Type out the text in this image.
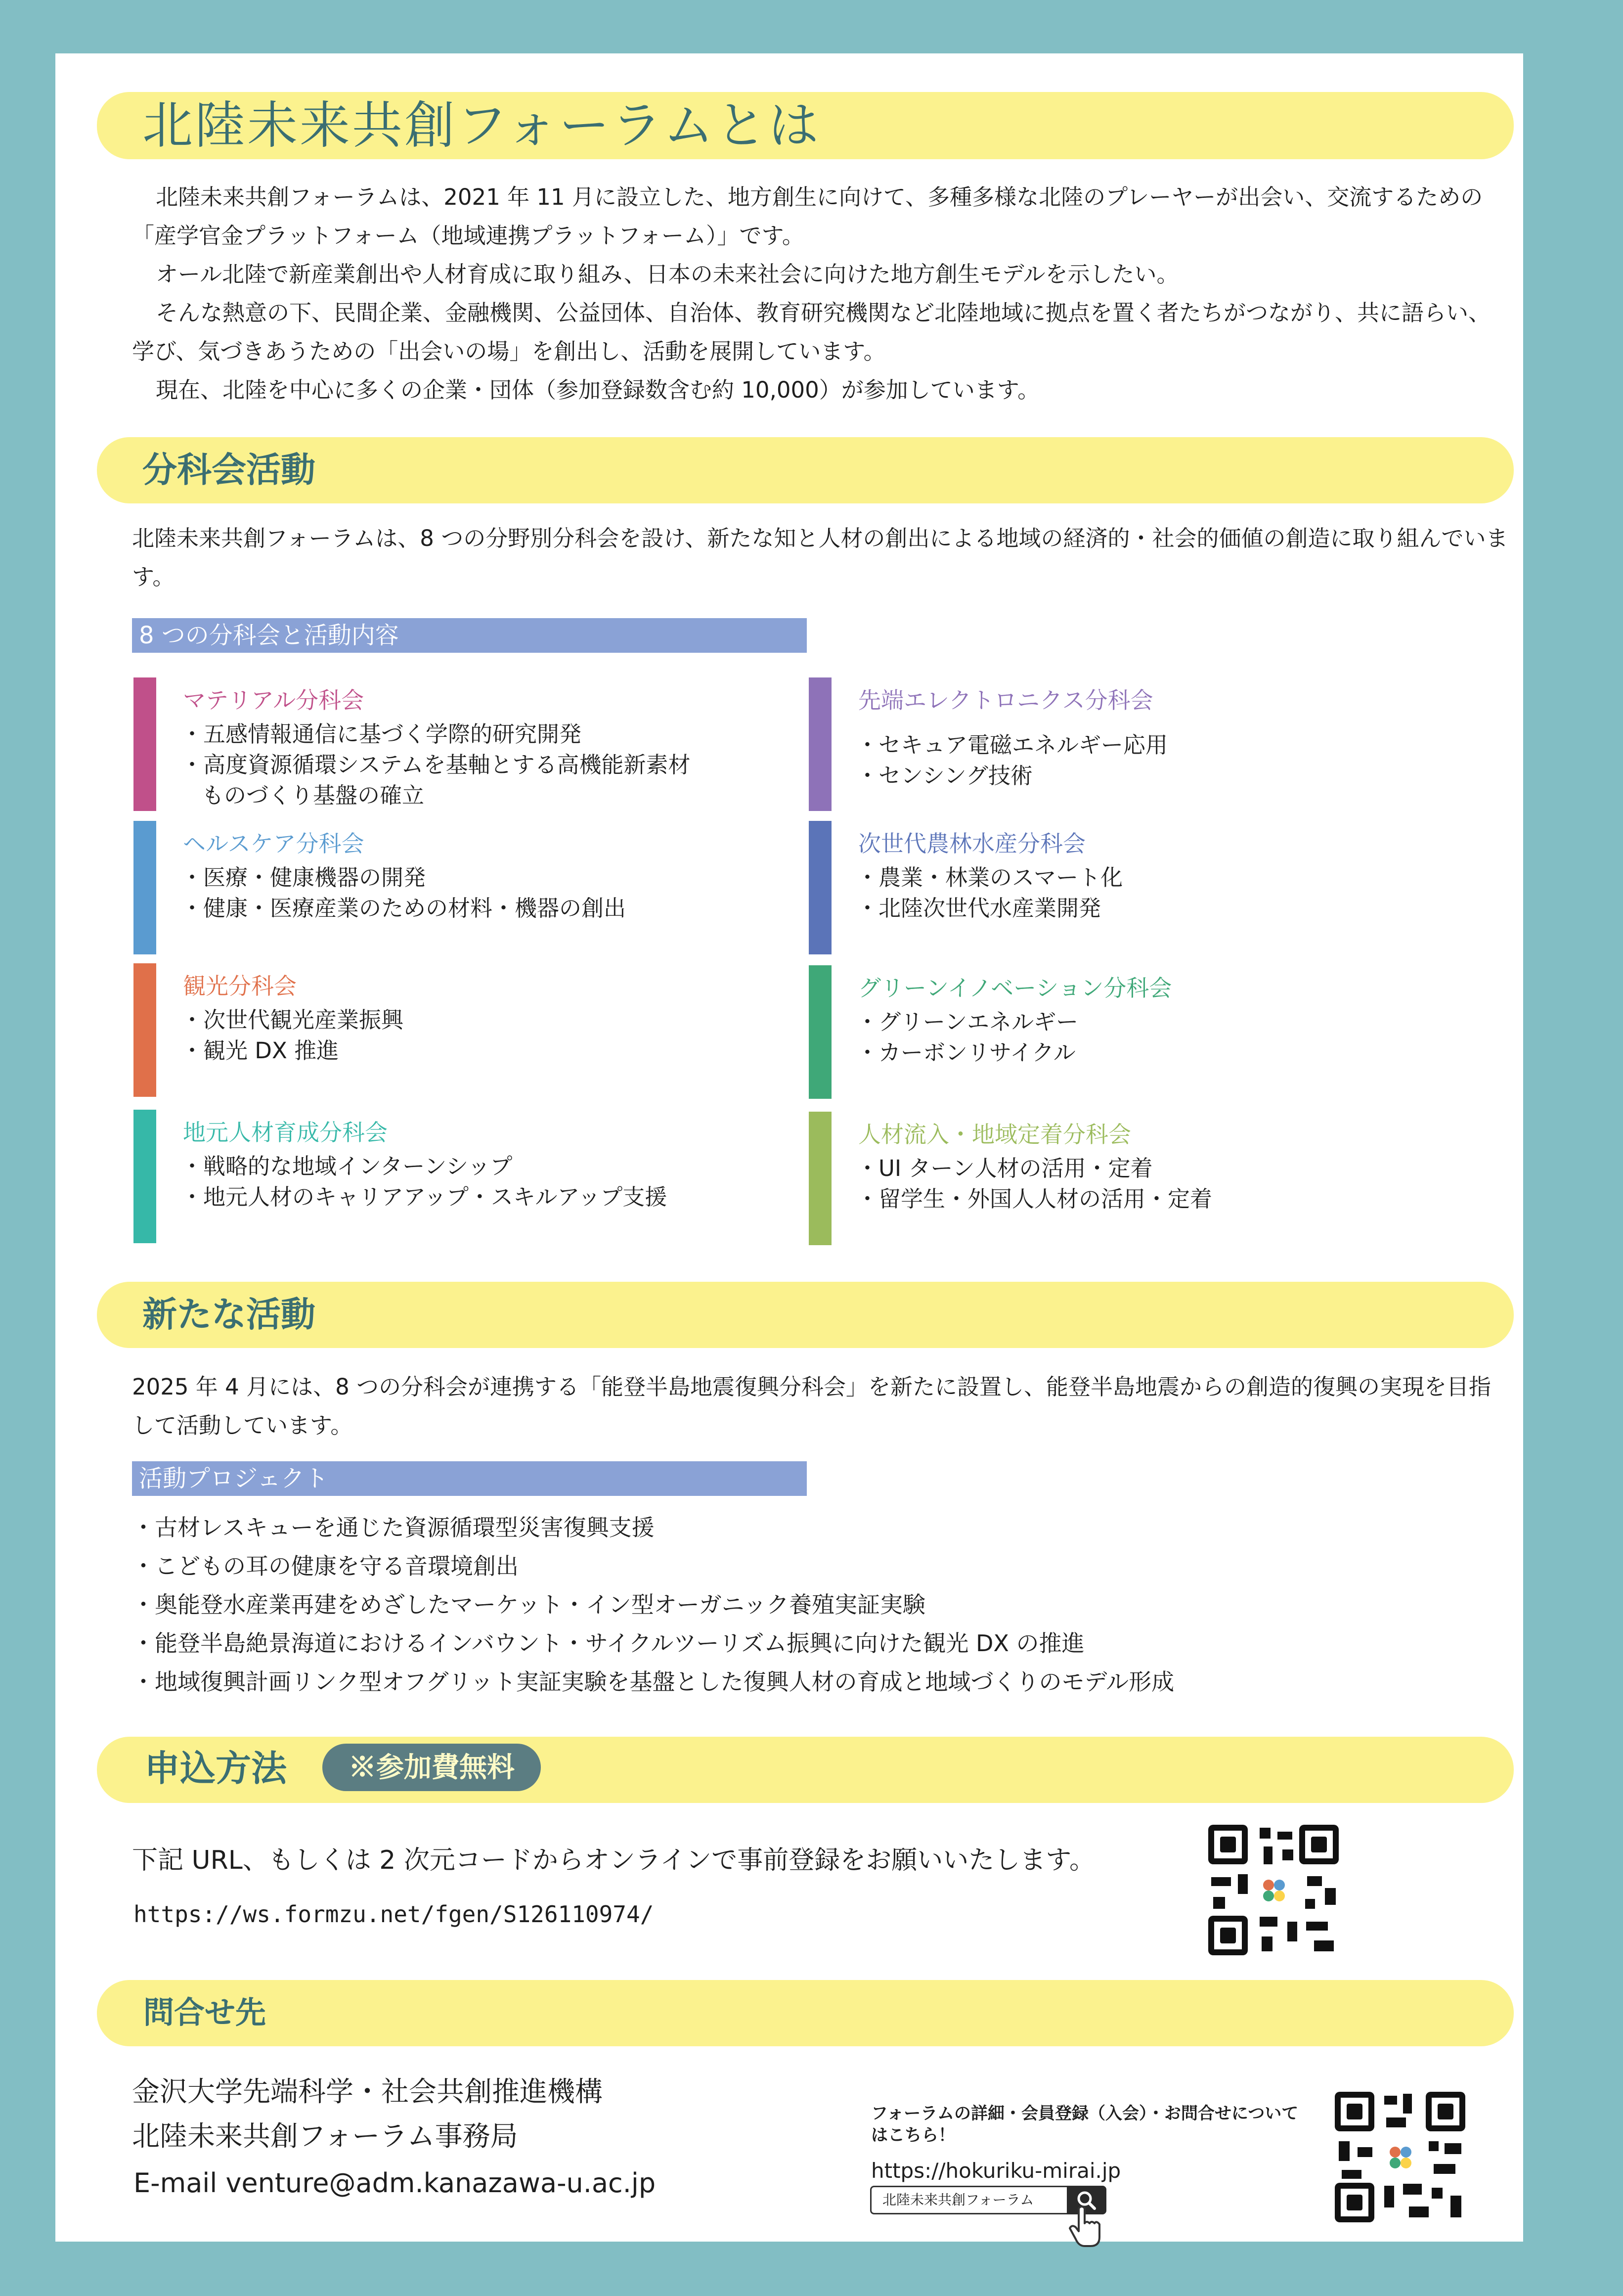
北陸未来共創フォーラムとは

北陸未来共創フォーラムは、2021 年 11 月に設立した、地方創生に向けて、多種多様な北陸のプレーヤーが出会い、交流するための「産学官金プラットフォーム（地域連携プラットフォーム）」です。

オール北陸で新産業創出や人材育成に取り組み、日本の未来社会に向けた地方創生モデルを示したい。

そんな熱意の下、民間企業、金融機関、公益団体、自治体、教育研究機関など北陸地域に拠点を置く者たちがつながり、共に語らい、学び、気づきあうための「出会いの場」を創出し、活動を展開しています。

現在、北陸を中心に多くの企業・団体（参加登録数含む約 10,000）が参加しています。

分科会活動

北陸未来共創フォーラムは、8 つの分野別分科会を設け、新たな知と人材の創出による地域の経済的・社会的価値の創造に取り組んでいます。

8 つの分科会と活動内容
マテリアル分科会
・五感情報通信に基づく学際的研究開発
・高度資源循環システムを基軸とする高機能新素材
ものづくり基盤の確立
ヘルスケア分科会
・医療・健康機器の開発
・健康・医療産業のための材料・機器の創出
観光分科会
・次世代観光産業振興
・観光 DX 推進
地元人材育成分科会
・戦略的な地域インターンシップ
・地元人材のキャリアアップ・スキルアップ支援
先端エレクトロニクス分科会
・セキュア電磁エネルギー応用
・センシング技術
次世代農林水産分科会
・農業・林業のスマート化
・北陸次世代水産業開発
グリーンイノベーション分科会
・グリーンエネルギー
・カーボンリサイクル
人材流入・地域定着分科会
・UI ターン人材の活用・定着
・留学生・外国人人材の活用・定着
新たな活動

2025 年 4 月には、8 つの分科会が連携する「能登半島地震復興分科会」を新たに設置し、能登半島地震からの創造的復興の実現を目指して活動しています。

活動プロジェクト
・古材レスキューを通じた資源循環型災害復興支援
・こどもの耳の健康を守る音環境創出
・奥能登水産業再建をめざしたマーケット・イン型オーガニック養殖実証実験
・能登半島絶景海道におけるインバウント・サイクルツーリズム振興に向けた観光 DX の推進
・地域復興計画リンク型オフグリット実証実験を基盤とした復興人材の育成と地域づくりのモデル形成
申込方法	※参加費無料
下記 URL、もしくは 2 次元コードからオンラインで事前登録をお願いいたします。
https://ws.formzu.net/fgen/S126110974/
問合せ先
金沢大学先端科学・社会共創推進機構
北陸未来共創フォーラム事務局
E-mail venture@adm.kanazawa-u.ac.jp
フォーラムの詳細・会員登録（入会）・お問合せについてはこちら！
https://hokuriku-mirai.jp
北陸未来共創フォーラム
